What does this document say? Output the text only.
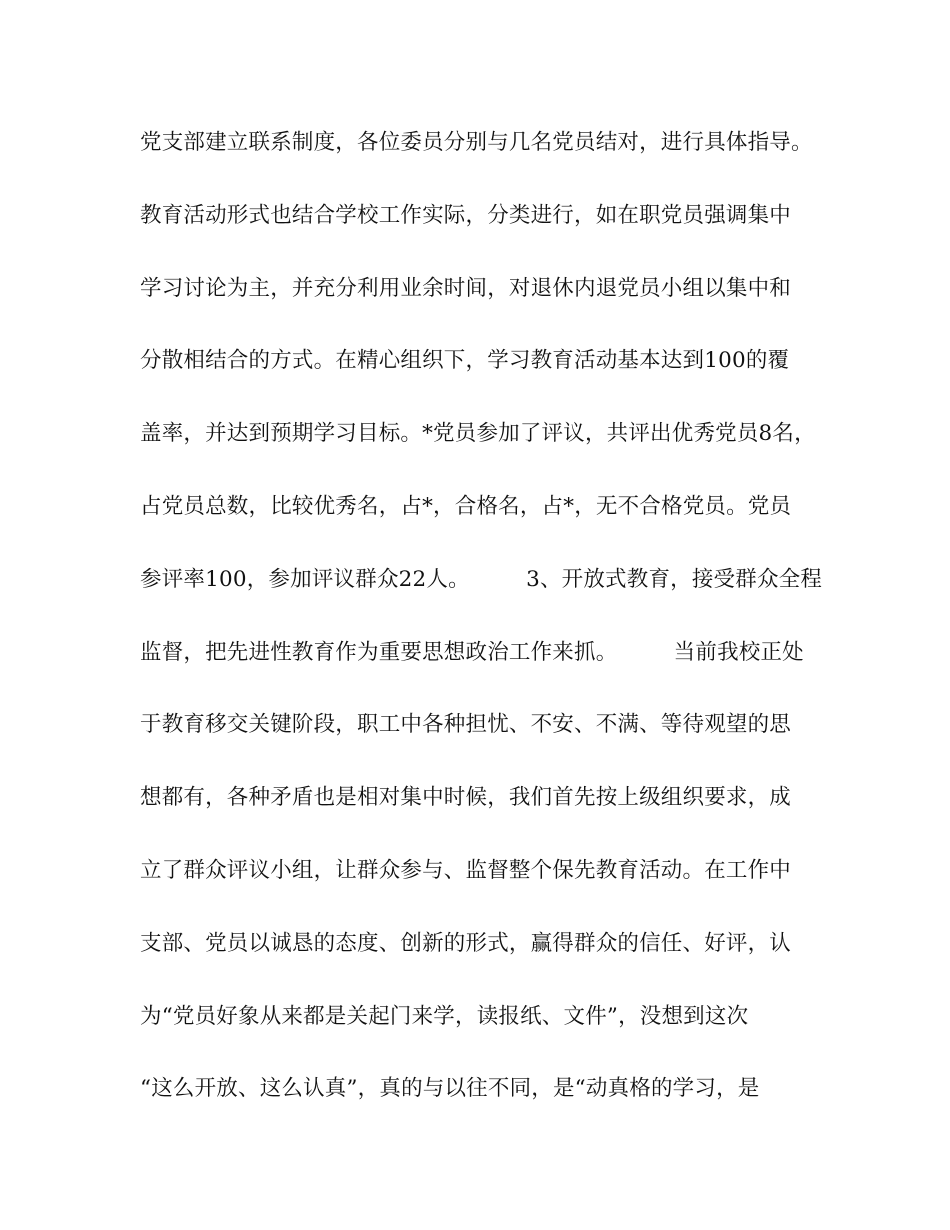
党支部建立联系制度，各位委员分别与几名党员结对，进行具体指导。
教育活动形式也结合学校工作实际，分类进行，如在职党员强调集中
学习讨论为主，并充分利用业余时间，对退休内退党员小组以集中和
分散相结合的方式。在精心组织下，学习教育活动基本达到100的覆
盖率，并达到预期学习目标。*党员参加了评议，共评出优秀党员8名，
占党员总数，比较优秀名，占*，合格名，占*，无不合格党员。党员
参评率100，参加评议群众22人。        3、开放式教育，接受群众全程
监督，把先进性教育作为重要思想政治工作来抓。        当前我校正处
于教育移交关键阶段，职工中各种担忧、不安、不满、等待观望的思
想都有，各种矛盾也是相对集中时候，我们首先按上级组织要求，成
立了群众评议小组，让群众参与、监督整个保先教育活动。在工作中
支部、党员以诚恳的态度、创新的形式，赢得群众的信任、好评，认
为“党员好象从来都是关起门来学，读报纸、文件”，没想到这次
“这么开放、这么认真”，真的与以往不同，是“动真格的学习，是
